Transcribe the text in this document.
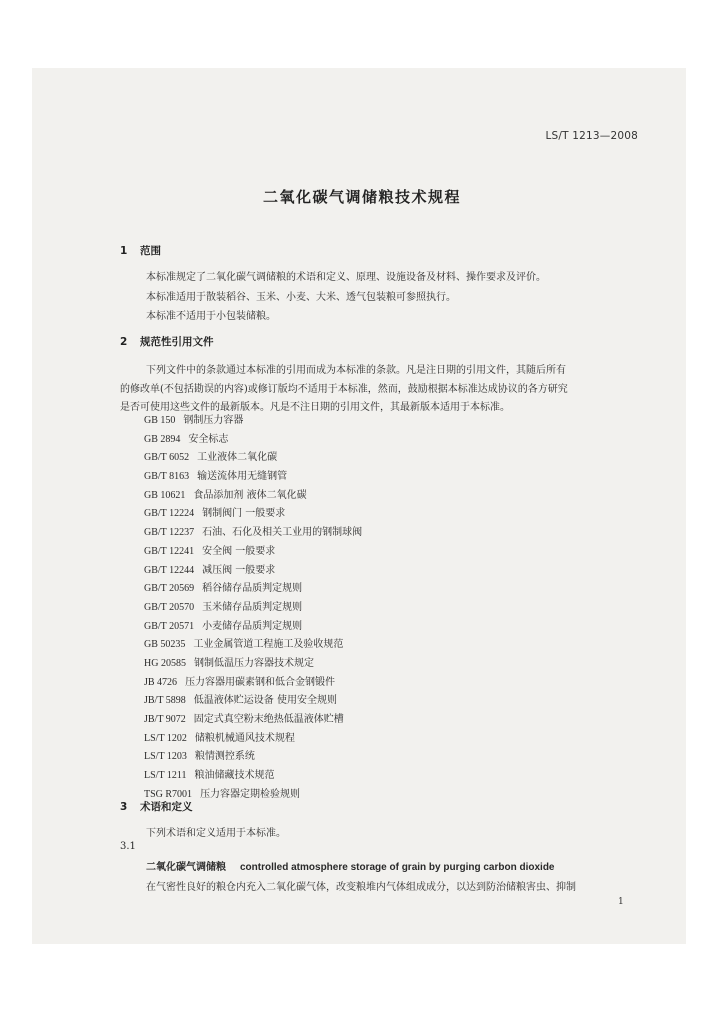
LS/T 1213—2008
二氧化碳气调储粮技术规程
1 范围
本标准规定了二氧化碳气调储粮的术语和定义、原理、设施设备及材料、操作要求及评价。
本标准适用于散装稻谷、玉米、小麦、大米、透气包装粮可参照执行。
本标准不适用于小包装储粮。
2 规范性引用文件
下列文件中的条款通过本标准的引用而成为本标准的条款。凡是注日期的引用文件，其随后所有
的修改单(不包括勘误的内容)或修订版均不适用于本标准，然而，鼓励根据本标准达成协议的各方研究
是否可使用这些文件的最新版本。凡是不注日期的引用文件，其最新版本适用于本标准。
GB 150 钢制压力容器
GB 2894 安全标志
GB/T 6052 工业液体二氧化碳
GB/T 8163 输送流体用无缝钢管
GB 10621 食品添加剂 液体二氧化碳
GB/T 12224 钢制阀门 一般要求
GB/T 12237 石油、石化及相关工业用的钢制球阀
GB/T 12241 安全阀 一般要求
GB/T 12244 减压阀 一般要求
GB/T 20569 稻谷储存品质判定规则
GB/T 20570 玉米储存品质判定规则
GB/T 20571 小麦储存品质判定规则
GB 50235 工业金属管道工程施工及验收规范
HG 20585 钢制低温压力容器技术规定
JB 4726 压力容器用碳素钢和低合金钢锻件
JB/T 5898 低温液体贮运设备 使用安全规则
JB/T 9072 固定式真空粉末绝热低温液体贮槽
LS/T 1202 储粮机械通风技术规程
LS/T 1203 粮情测控系统
LS/T 1211 粮油储藏技术规范
TSG R7001 压力容器定期检验规则
3 术语和定义
下列术语和定义适用于本标准。
3.1
二氧化碳气调储粮 controlled atmosphere storage of grain by purging carbon dioxide
在气密性良好的粮仓内充入二氧化碳气体，改变粮堆内气体组成成分，以达到防治储粮害虫、抑制
1
